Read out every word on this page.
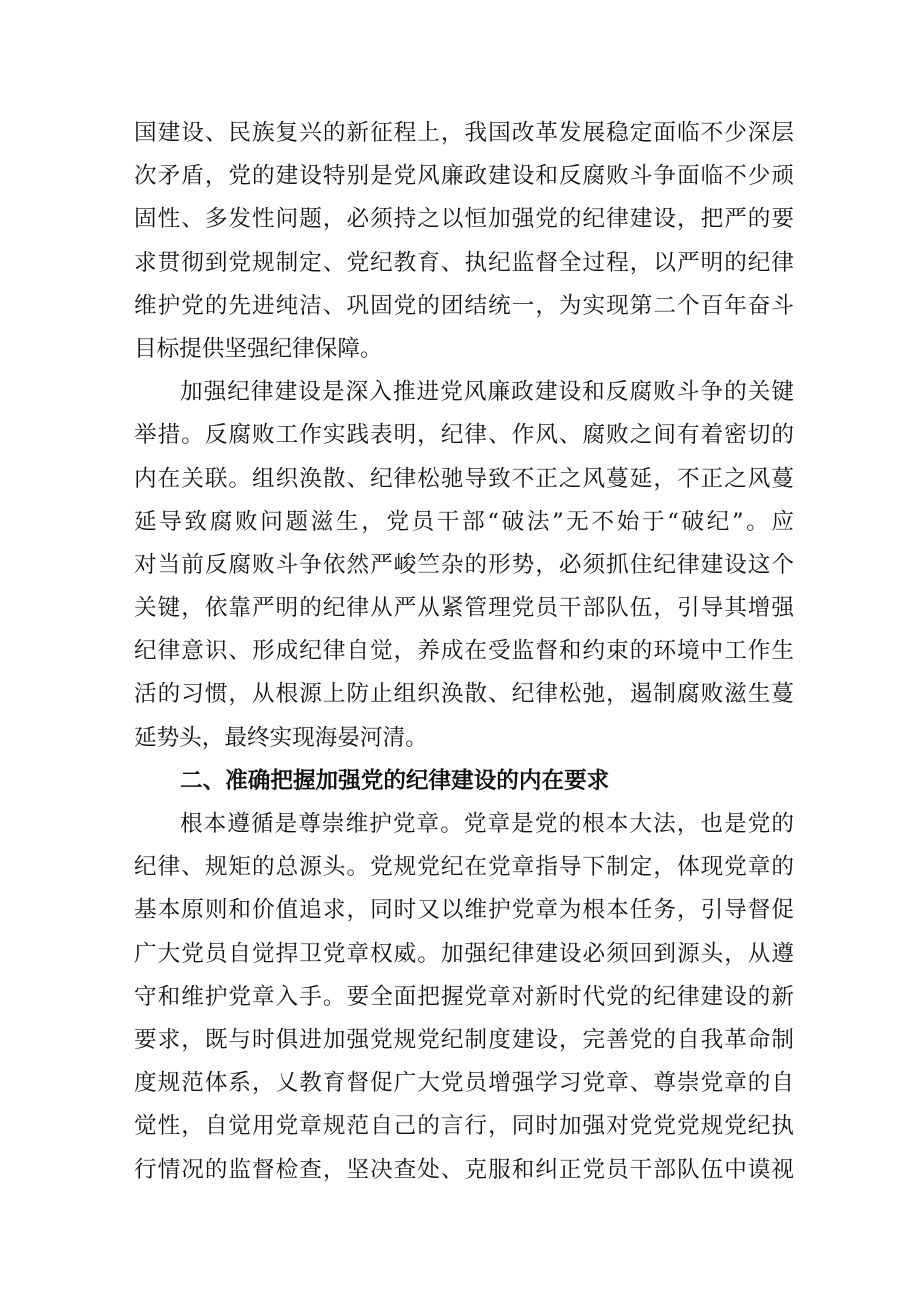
国建设、民族复兴的新征程上，我国改革发展稳定面临不少深层
次矛盾，党的建设特别是党风廉政建设和反腐败斗争面临不少顽
固性、多发性问题，必须持之以恒加强党的纪律建设，把严的要
求贯彻到党规制定、党纪教育、执纪监督全过程，以严明的纪律
维护党的先进纯洁、巩固党的团结统一，为实现第二个百年奋斗
目标提供坚强纪律保障。
加强纪律建设是深入推进党风廉政建设和反腐败斗争的关键
举措。反腐败工作实践表明，纪律、作风、腐败之间有着密切的
内在关联。组织涣散、纪律松驰导致不正之风蔓延，不正之风蔓
延导致腐败问题滋生，党员干部“破法”无不始于“破纪”。应
对当前反腐败斗争依然严峻竺杂的形势，必须抓住纪律建设这个
关键，依靠严明的纪律从严从紧管理党员干部队伍，引导其增强
纪律意识、形成纪律自觉，养成在受监督和约束的环境中工作生
活的习惯，从根源上防止组织涣散、纪律松弛，遏制腐败滋生蔓
延势头，最终实现海晏河清。
二、准确把握加强党的纪律建设的内在要求
根本遵循是尊崇维护党章。党章是党的根本大法，也是党的
纪律、规矩的总源头。党规党纪在党章指导下制定，体现党章的
基本原则和价值追求，同时又以维护党章为根本任务，引导督促
广大党员自觉捍卫党章权威。加强纪律建设必须回到源头，从遵
守和维护党章入手。要全面把握党章对新时代党的纪律建设的新
要求，既与时俱进加强党规党纪制度建设，完善党的自我革命制
度规范体系，乂教育督促广大党员增强学习党章、尊崇党章的自
觉性，自觉用党章规范自己的言行，同时加强对党党党规党纪执
行情况的监督检查，坚决查处、克服和纠正党员干部队伍中谟视
